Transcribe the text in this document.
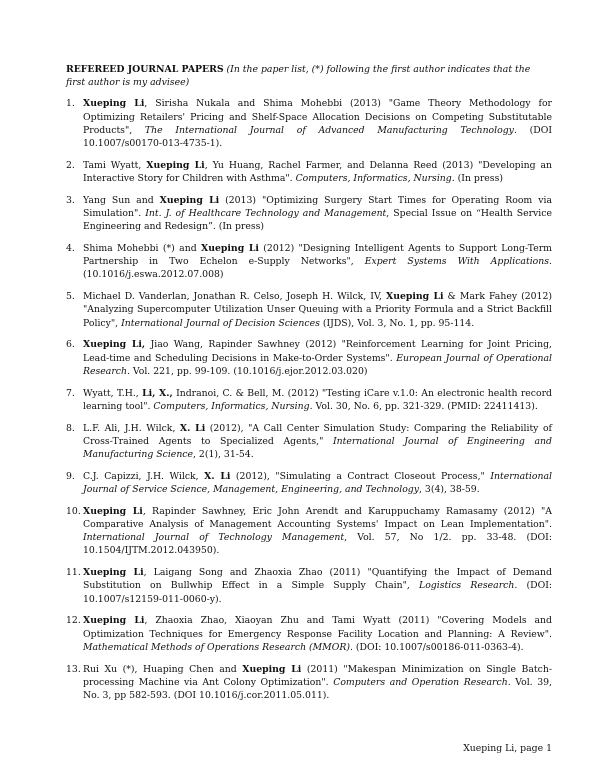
REFEREED JOURNAL PAPERS (In the paper list, (*) following the first author indicates that the first author is my advisee)
1. Xueping Li, Sirisha Nukala and Shima Mohebbi (2013) "Game Theory Methodology for Optimizing Retailers' Pricing and Shelf-Space Allocation Decisions on Competing Substitutable Products", The International Journal of Advanced Manufacturing Technology. (DOI 10.1007/s00170-013-4735-1).
2. Tami Wyatt, Xueping Li, Yu Huang, Rachel Farmer, and Delanna Reed (2013) "Developing an Interactive Story for Children with Asthma". Computers, Informatics, Nursing. (In press)
3. Yang Sun and Xueping Li (2013) "Optimizing Surgery Start Times for Operating Room via Simulation". Int. J. of Healthcare Technology and Management, Special Issue on “Health Service Engineering and Redesign”. (In press)
4. Shima Mohebbi (*) and Xueping Li (2012) "Designing Intelligent Agents to Support Long-Term Partnership in Two Echelon e-Supply Networks", Expert Systems With Applications. (10.1016/j.eswa.2012.07.008)
5. Michael D. Vanderlan, Jonathan R. Celso, Joseph H. Wilck, IV, Xueping Li & Mark Fahey (2012) "Analyzing Supercomputer Utilization Unser Queuing with a Priority Formula and a Strict Backfill Policy", International Journal of Decision Sciences (IJDS), Vol. 3, No. 1, pp. 95-114.
6. Xueping Li, Jiao Wang, Rapinder Sawhney (2012) "Reinforcement Learning for Joint Pricing, Lead-time and Scheduling Decisions in Make-to-Order Systems". European Journal of Operational Research. Vol. 221, pp. 99-109. (10.1016/j.ejor.2012.03.020)
7. Wyatt, T.H., Li, X., Indranoi, C. & Bell, M. (2012) "Testing iCare v.1.0: An electronic health record learning tool". Computers, Informatics, Nursing. Vol. 30, No. 6, pp. 321-329. (PMID: 22411413).
8. L.F. Ali, J.H. Wilck, X. Li (2012), "A Call Center Simulation Study: Comparing the Reliability of Cross-Trained Agents to Specialized Agents," International Journal of Engineering and Manufacturing Science, 2(1), 31-54.
9. C.J. Capizzi, J.H. Wilck, X. Li (2012), "Simulating a Contract Closeout Process," International Journal of Service Science, Management, Engineering, and Technology, 3(4), 38-59.
10. Xueping Li, Rapinder Sawhney, Eric John Arendt and Karuppuchamy Ramasamy (2012) "A Comparative Analysis of Management Accounting Systems' Impact on Lean Implementation". International Journal of Technology Management, Vol. 57, No 1/2. pp. 33-48. (DOI: 10.1504/IJTM.2012.043950).
11. Xueping Li, Laigang Song and Zhaoxia Zhao (2011) "Quantifying the Impact of Demand Substitution on Bullwhip Effect in a Simple Supply Chain", Logistics Research. (DOI: 10.1007/s12159-011-0060-y).
12. Xueping Li, Zhaoxia Zhao, Xiaoyan Zhu and Tami Wyatt (2011) "Covering Models and Optimization Techniques for Emergency Response Facility Location and Planning: A Review". Mathematical Methods of Operations Research (MMOR). (DOI: 10.1007/s00186-011-0363-4).
13. Rui Xu (*), Huaping Chen and Xueping Li (2011) "Makespan Minimization on Single Batch-processing Machine via Ant Colony Optimization". Computers and Operation Research. Vol. 39, No. 3, pp 582-593. (DOI 10.1016/j.cor.2011.05.011).
Xueping Li, page 1
